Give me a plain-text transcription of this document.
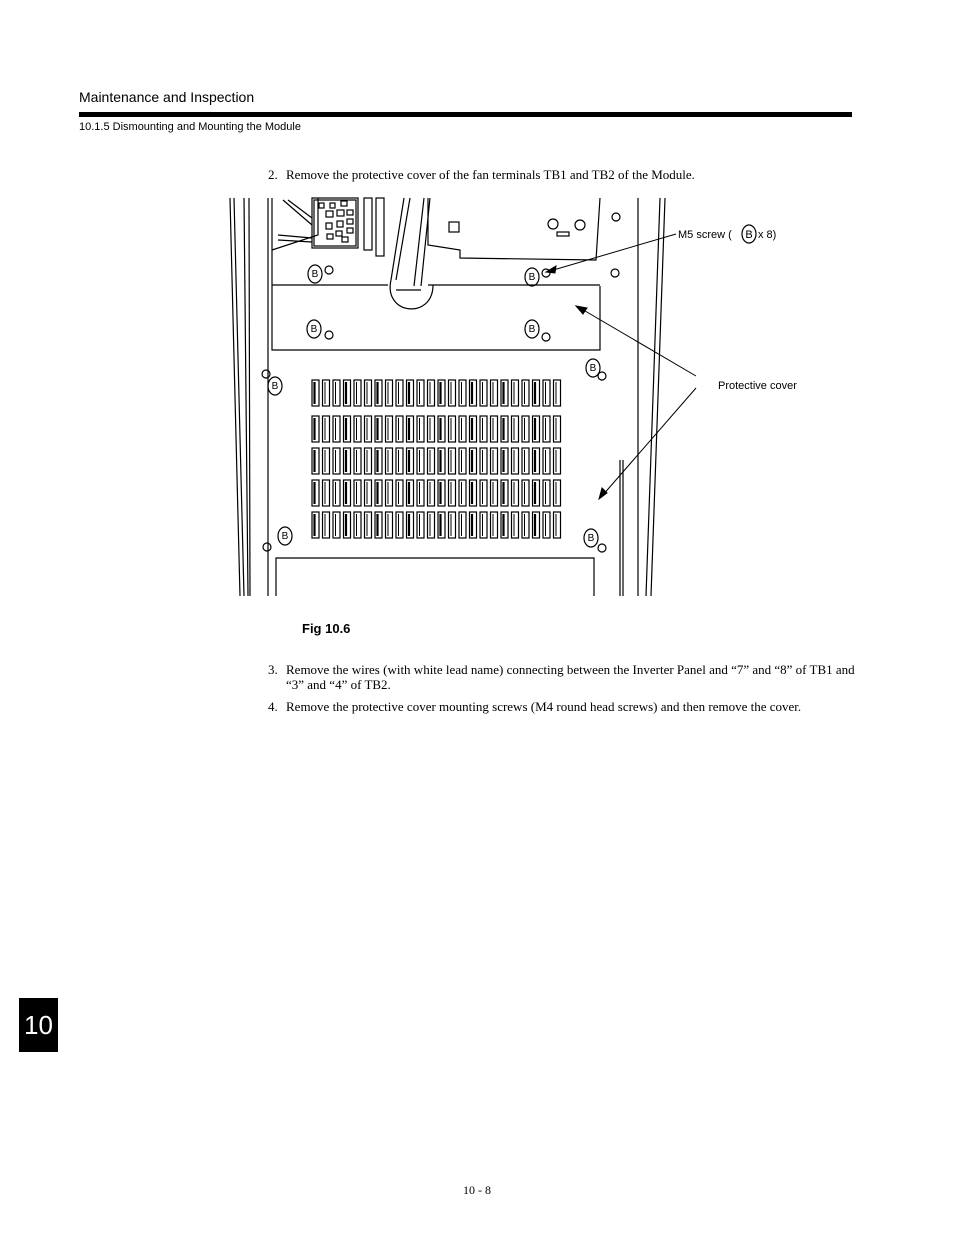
Maintenance and Inspection
10.1.5 Dismounting and Mounting the Module
2. Remove the protective cover of the fan terminals TB1 and TB2 of the Module.
B	B
B	B
B
B
B	B
M5 screw ( B x 8)
Protective cover
Fig 10.6
3. Remove the wires (with white lead name) connecting between the Inverter Panel and “7” and “8” of TB1 and “3” and “4” of TB2.
4. Remove the protective cover mounting screws (M4 round head screws) and then remove the cover.
10 - 8
10
